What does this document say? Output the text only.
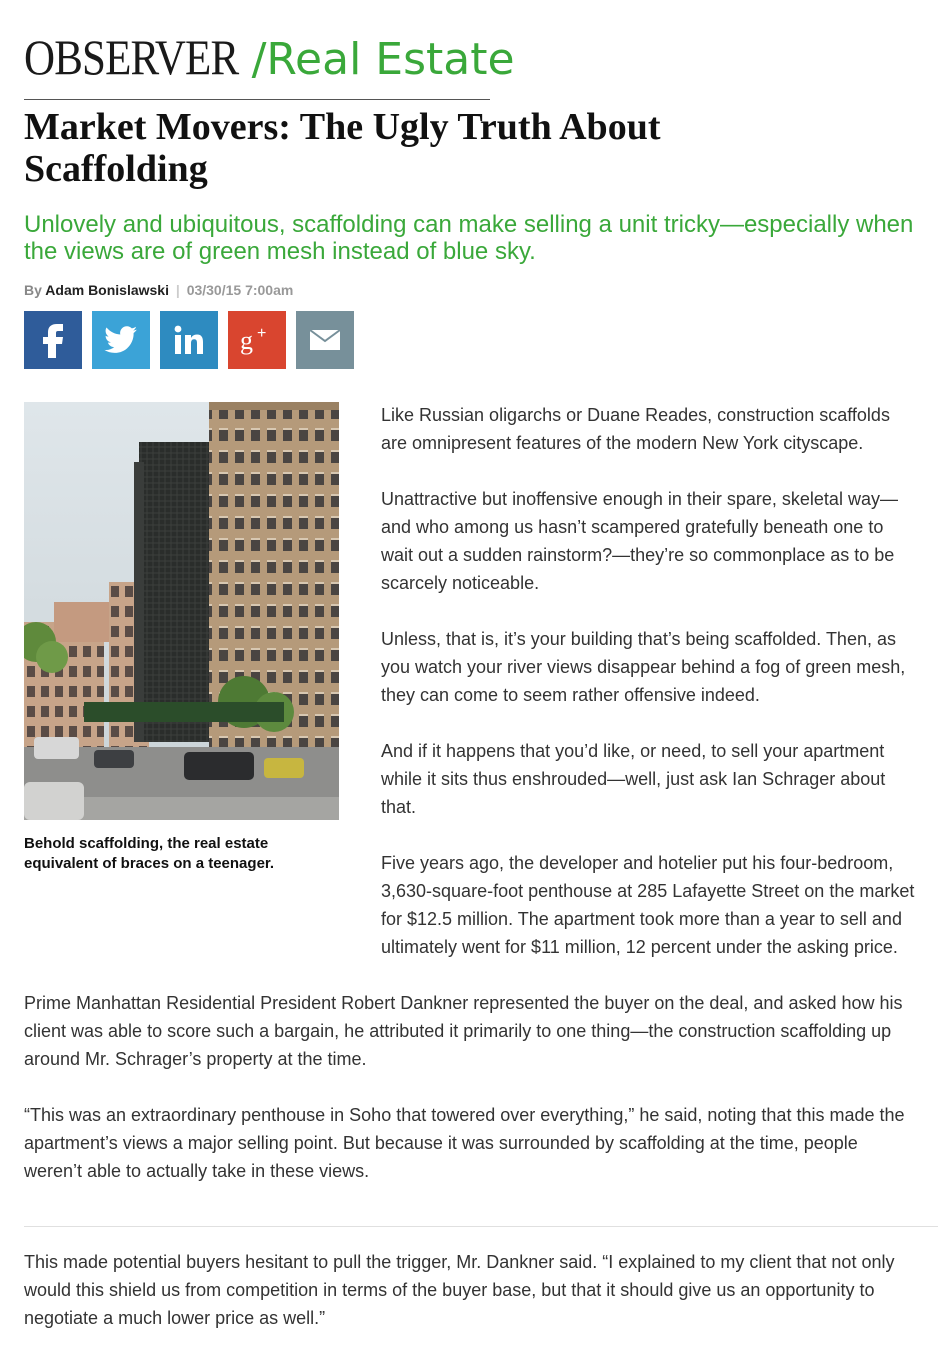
OBSERVER /Real Estate
Market Movers: The Ugly Truth About Scaffolding
Unlovely and ubiquitous, scaffolding can make selling a unit tricky—especially when the views are of green mesh instead of blue sky.
By Adam Bonislawski | 03/30/15 7:00am
g +
Behold scaffolding, the real estate equivalent of braces on a teenager.

Like Russian oligarchs or Duane Reades, construction scaffolds are omnipresent features of the modern New York cityscape.

Unattractive but inoffensive enough in their spare, skeletal way—and who among us hasn’t scampered gratefully beneath one to wait out a sudden rainstorm?—they’re so commonplace as to be scarcely noticeable.

Unless, that is, it’s your building that’s being scaffolded. Then, as you watch your river views disappear behind a fog of green mesh, they can come to seem rather offensive indeed.

And if it happens that you’d like, or need, to sell your apartment while it sits thus enshrouded—well, just ask Ian Schrager about that.

Five years ago, the developer and hotelier put his four-bedroom, 3,630-square-foot penthouse at 285 Lafayette Street on the market for $12.5 million. The apartment took more than a year to sell and ultimately went for $11 million, 12 percent under the asking price.

Prime Manhattan Residential President Robert Dankner represented the buyer on the deal, and asked how his client was able to score such a bargain, he attributed it primarily to one thing—the construction scaffolding up around Mr. Schrager’s property at the time.

“This was an extraordinary penthouse in Soho that towered over everything,” he said, noting that this made the apartment’s views a major selling point. But because it was surrounded by scaffolding at the time, people weren’t able to actually take in these views.

This made potential buyers hesitant to pull the trigger, Mr. Dankner said. “I explained to my client that not only would this shield us from competition in terms of the buyer base, but that it should give us an opportunity to negotiate a much lower price as well.”
